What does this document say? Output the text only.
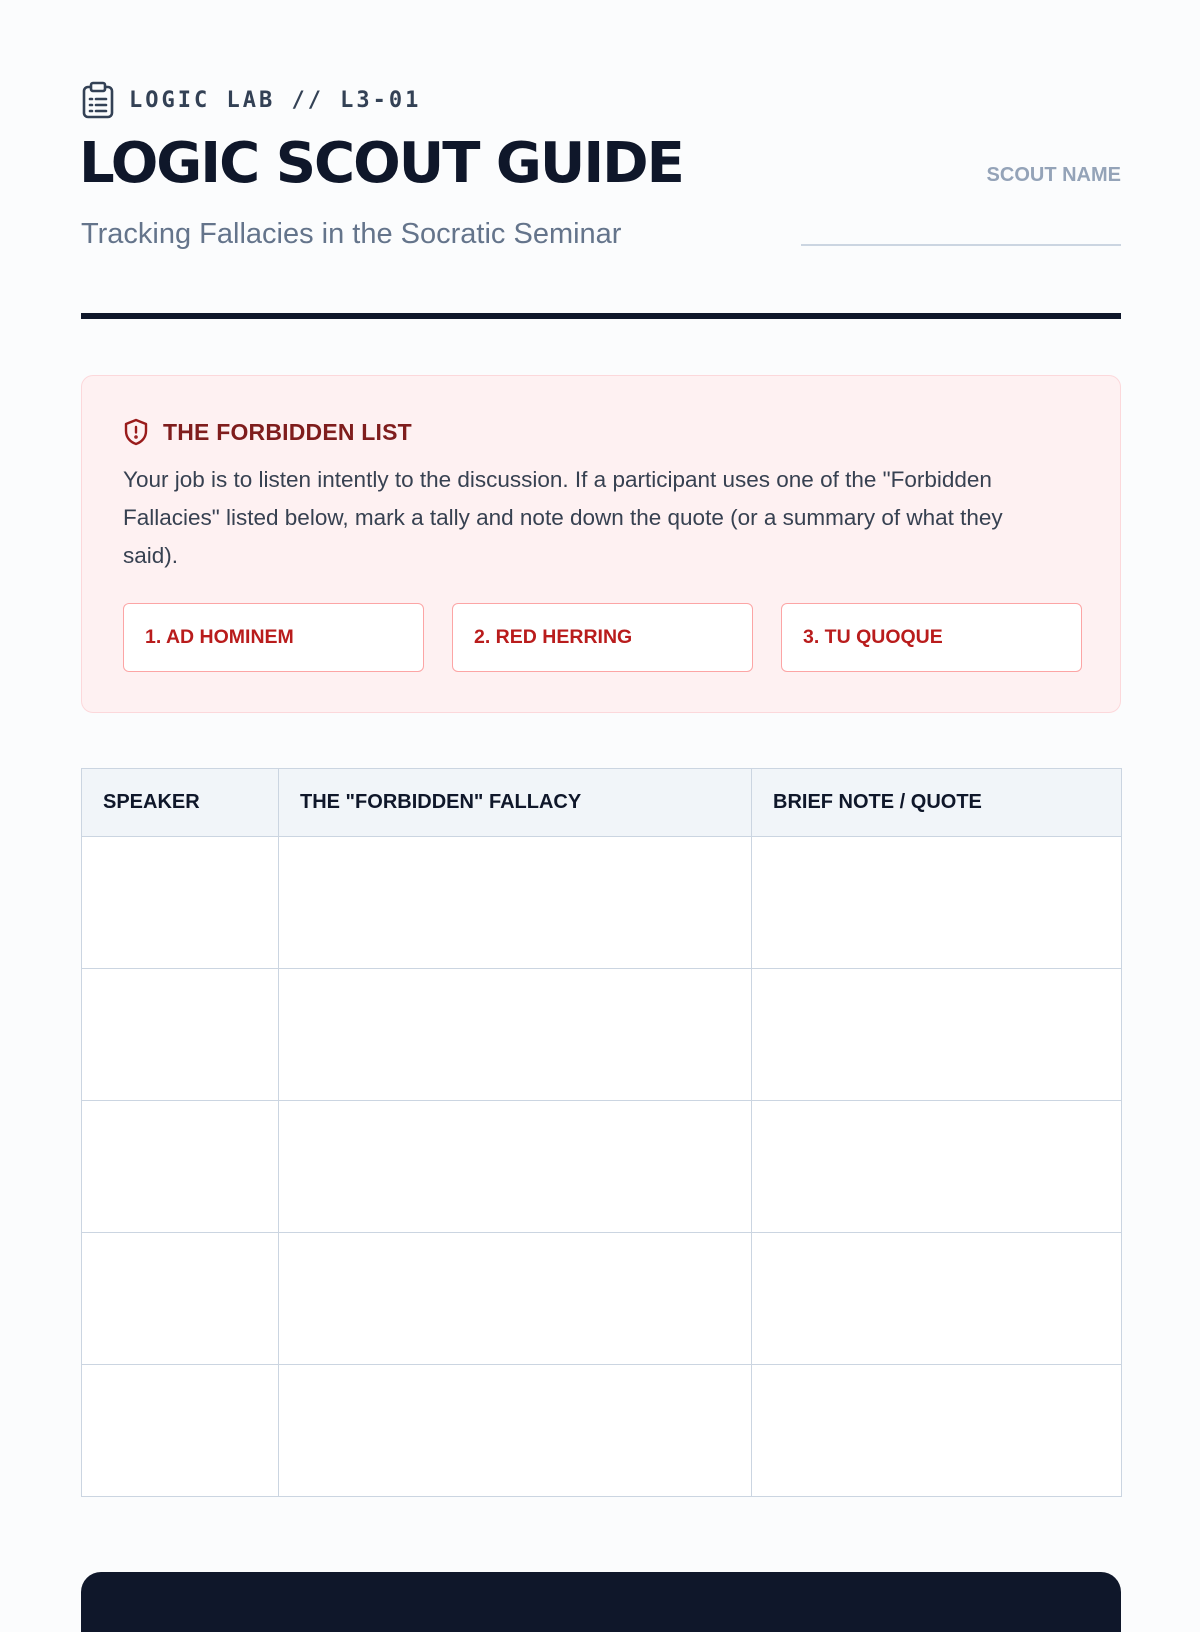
LOGIC LAB // L3-01
LOGIC SCOUT GUIDE
Tracking Fallacies in the Socratic Seminar
SCOUT NAME
THE FORBIDDEN LIST

Your job is to listen intently to the discussion. If a participant uses one of the "Forbidden Fallacies" listed below, mark a tally and note down the quote (or a summary of what they said).

1. AD HOMINEM	2. RED HERRING	3. TU QUOQUE
SPEAKER	THE "FORBIDDEN" FALLACY	BRIEF NOTE / QUOTE
